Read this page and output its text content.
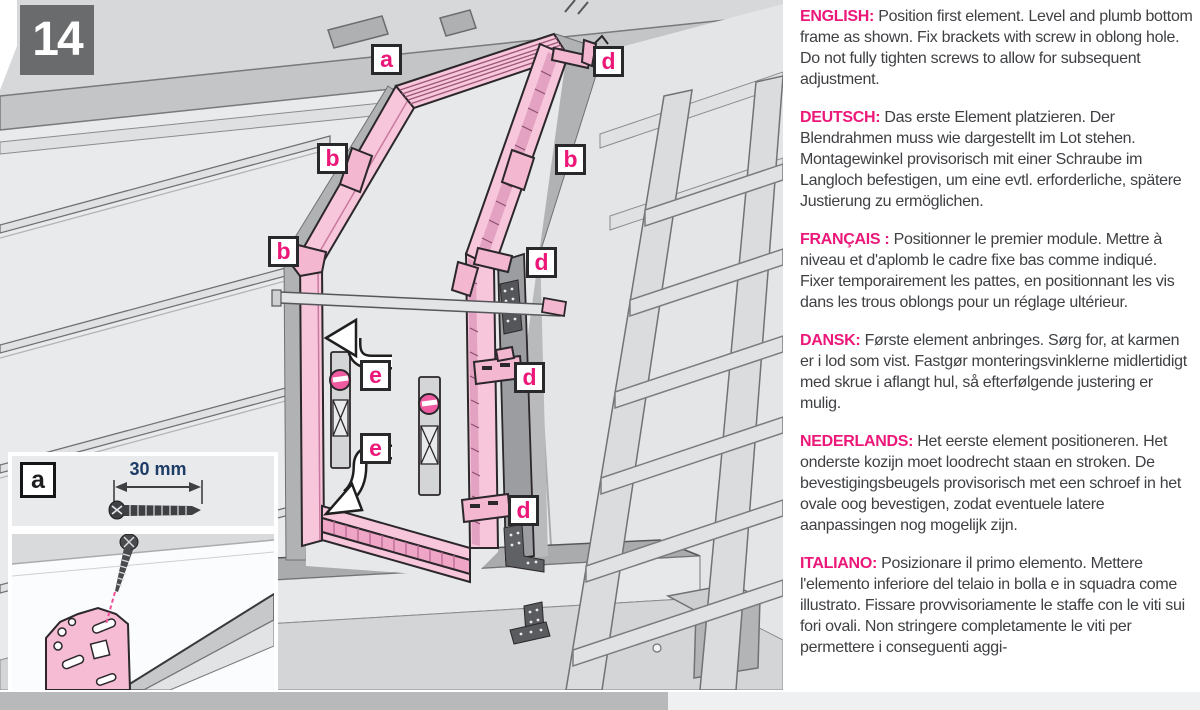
14	a	d
b	b
b	d
e	d
e
d
a	30 mm

ENGLISH: Position first element. Level and plumb bottom frame as shown. Fix brackets with screw in oblong hole. Do not fully tighten screws to allow for subsequent adjustment.

DEUTSCH: Das erste Element platzieren. Der Blendrahmen muss wie dargestellt im Lot stehen. Montagewinkel provisorisch mit einer Schraube im Langloch befestigen, um eine evtl. erforderliche, spätere Justierung zu ermöglichen.

FRANÇAIS : Positionner le premier module. Mettre à niveau et d'aplomb le cadre fixe bas comme indiqué. Fixer temporairement les pattes, en positionnant les vis dans les trous oblongs pour un réglage ultérieur.

DANSK: Første element anbringes. Sørg for, at karmen er i lod som vist. Fastgør monteringsvinklerne midlertidigt med skrue i aflangt hul, så efterfølgende justering er mulig.

NEDERLANDS: Het eerste element positioneren. Het onderste kozijn moet loodrecht staan en stroken. De bevestigingsbeugels provisorisch met een schroef in het ovale oog bevestigen, zodat eventuele latere aanpassingen nog mogelijk zijn.

ITALIANO: Posizionare il primo elemento. Mettere l'elemento inferiore del telaio in bolla e in squadra come illustrato. Fissare provvisoriamente le staffe con le viti sui fori ovali. Non stringere completamente le viti per permettere i conseguenti aggi-
